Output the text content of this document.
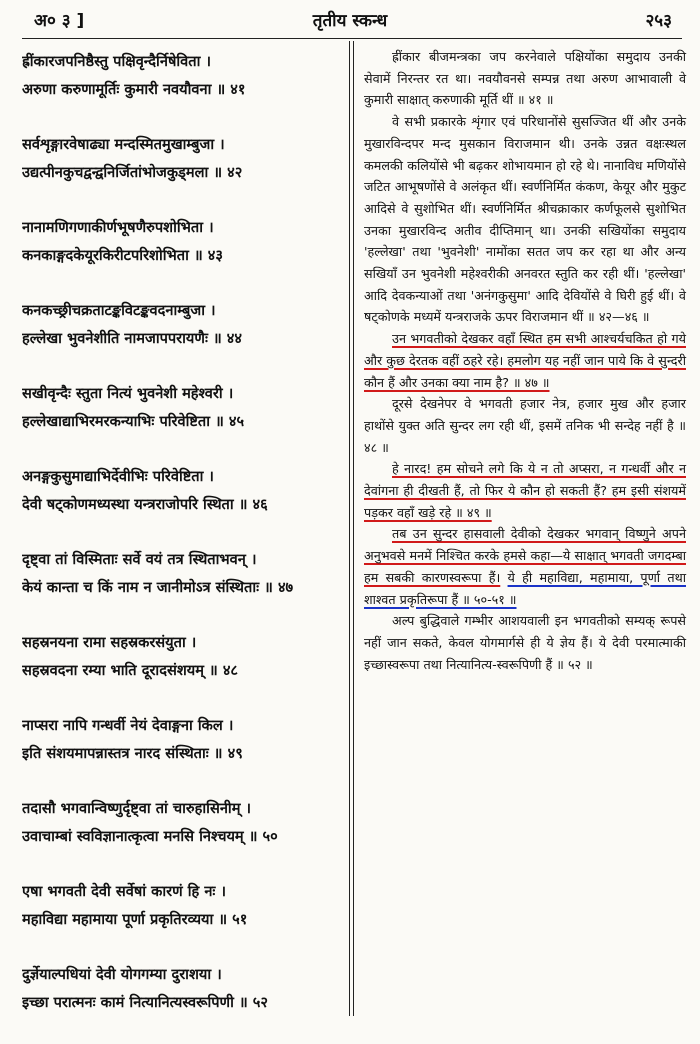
अ० ३ ]	तृतीय स्कन्ध	२५३

ह्रींकारजपनिष्ठैस्तु पक्षिवृन्दैर्निषेविता ।

अरुणा करुणामूर्तिः कुमारी नवयौवना ॥ ४१

सर्वशृङ्गारवेषाढ्या मन्दस्मितमुखाम्बुजा ।

उद्यत्पीनकुचद्वन्द्वनिर्जितांभोजकुड्मला ॥ ४२

नानामणिगणाकीर्णभूषणैरुपशोभिता ।

कनकाङ्गदकेयूरकिरीटपरिशोभिता ॥ ४३

कनकच्छ्रीचक्रताटङ्कविटङ्कवदनाम्बुजा ।

हल्लेखा भुवनेशीति नामजापपरायणैः ॥ ४४

सखीवृन्दैः स्तुता नित्यं भुवनेशी महेश्वरी ।

हल्लेखाद्याभिरमरकन्याभिः परिवेष्टिता ॥ ४५

अनङ्गकुसुमाद्याभिर्देवीभिः परिवेष्टिता ।

देवी षट्कोणमध्यस्था यन्त्रराजोपरि स्थिता ॥ ४६

दृष्ट्वा तां विस्मिताः सर्वे वयं तत्र स्थिताभवन् ।

केयं कान्ता च किं नाम न जानीमोऽत्र संस्थिताः ॥ ४७

सहस्रनयना रामा सहस्रकरसंयुता ।

सहस्रवदना रम्या भाति दूरादसंशयम् ॥ ४८

नाप्सरा नापि गन्धर्वी नेयं देवाङ्गना किल ।

इति संशयमापन्नास्तत्र नारद संस्थिताः ॥ ४९

तदासौ भगवान्विष्णुर्दृष्ट्वा तां चारुहासिनीम् ।

उवाचाम्बां स्वविज्ञानात्कृत्वा मनसि निश्चयम् ॥ ५०

एषा भगवती देवी सर्वेषां कारणं हि नः ।

महाविद्या महामाया पूर्णा प्रकृतिरव्यया ॥ ५१

दुर्ज्ञेयाल्पधियां देवी योगगम्या दुराशया ।

इच्छा परात्मनः कामं नित्यानित्यस्वरूपिणी ॥ ५२

ह्रींकार बीजमन्त्रका जप करनेवाले पक्षियोंका समुदाय उनकी सेवामें निरन्तर रत था। नवयौवनसे सम्पन्न तथा अरुण आभावाली वे कुमारी साक्षात् करुणाकी मूर्ति थीं ॥ ४१ ॥

वे सभी प्रकारके शृंगार एवं परिधानोंसे सुसज्जित थीं और उनके मुखारविन्दपर मन्द मुसकान विराजमान थी। उनके उन्नत वक्षःस्थल कमलकी कलियोंसे भी बढ़कर शोभायमान हो रहे थे। नानाविध मणियोंसे जटित आभूषणोंसे वे अलंकृत थीं। स्वर्णनिर्मित कंकण, केयूर और मुकुट आदिसे वे सुशोभित थीं। स्वर्णनिर्मित श्रीचक्राकार कर्णफूलसे सुशोभित उनका मुखारविन्द अतीव दीप्तिमान् था। उनकी सखियोंका समुदाय 'हल्लेखा' तथा 'भुवनेशी' नामोंका सतत जप कर रहा था और अन्य सखियाँ उन भुवनेशी महेश्वरीकी अनवरत स्तुति कर रही थीं। 'हल्लेखा' आदि देवकन्याओं तथा 'अनंगकुसुमा' आदि देवियोंसे वे घिरी हुई थीं। वे षट्कोणके मध्यमें यन्त्रराजके ऊपर विराजमान थीं ॥ ४२—४६ ॥

उन भगवतीको देखकर वहाँ स्थित हम सभी आश्चर्यचकित हो गये और कुछ देरतक वहीं ठहरे रहे। हमलोग यह नहीं जान पाये कि वे सुन्दरी कौन हैं और उनका क्या नाम है? ॥ ४७ ॥

दूरसे देखनेपर वे भगवती हजार नेत्र, हजार मुख और हजार हाथोंसे युक्त अति सुन्दर लग रही थीं, इसमें तनिक भी सन्देह नहीं है ॥ ४८ ॥

हे नारद! हम सोचने लगे कि ये न तो अप्सरा, न गन्धर्वी और न देवांगना ही दीखती हैं, तो फिर ये कौन हो सकती हैं? हम इसी संशयमें पड़कर वहाँ खड़े रहे ॥ ४९ ॥

तब उन सुन्दर हासवाली देवीको देखकर भगवान् विष्णुने अपने अनुभवसे मनमें निश्चित करके हमसे कहा—ये साक्षात् भगवती जगदम्बा हम सबकी कारणस्वरूपा हैं। ये ही महाविद्या, महामाया, पूर्णा तथा शाश्वत प्रकृतिरूपा हैं ॥ ५०-५१ ॥

अल्प बुद्धिवाले गम्भीर आशयवाली इन भगवतीको सम्यक् रूपसे नहीं जान सकते, केवल योगमार्गसे ही ये ज्ञेय हैं। ये देवी परमात्माकी इच्छास्वरूपा तथा नित्यानित्य-स्वरूपिणी हैं ॥ ५२ ॥
